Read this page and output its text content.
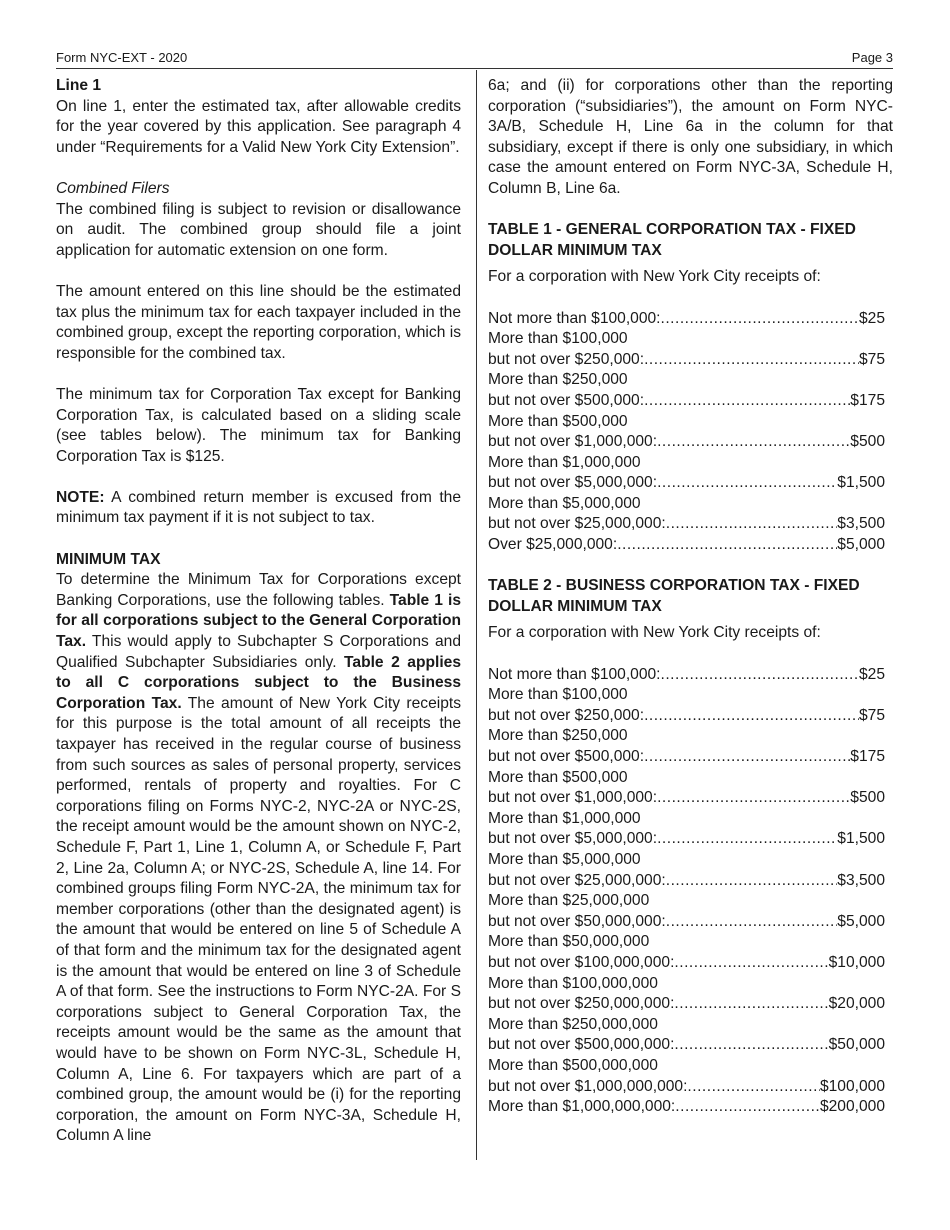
Form NYC-EXT - 2020	Page 3

Line 1

On line 1, enter the estimated tax, after allowable credits for the year covered by this application. See paragraph 4 under “Requirements for a Valid New York City Extension”.

Combined Filers

The combined filing is subject to revision or disallowance on audit. The combined group should file a joint application for automatic extension on one form.

The amount entered on this line should be the estimated tax plus the minimum tax for each taxpayer included in the combined group, except the reporting corporation, which is responsible for the combined tax.

The minimum tax for Corporation Tax except for Banking Corporation Tax, is calculated based on a sliding scale (see tables below). The minimum tax for Banking Corporation Tax is $125.

NOTE: A combined return member is excused from the minimum tax payment if it is not subject to tax.

MINIMUM TAX

To determine the Minimum Tax for Corporations except Banking Corporations, use the following tables. Table 1 is for all corporations subject to the General Corporation Tax. This would apply to Subchapter S Corporations and Qualified Subchapter Subsidiaries only. Table 2 applies to all C corporations subject to the Business Corporation Tax. The amount of New York City receipts for this purpose is the total amount of all receipts the taxpayer has received in the regular course of business from such sources as sales of personal property, services performed, rentals of property and royalties. For C corporations filing on Forms NYC-2, NYC-2A or NYC-2S, the receipt amount would be the amount shown on NYC-2, Schedule F, Part 1, Line 1, Column A, or Schedule F, Part 2, Line 2a, Column A; or NYC-2S, Schedule A, line 14. For combined groups filing Form NYC-2A, the minimum tax for member corporations (other than the designated agent) is the amount that would be entered on line 5 of Schedule A of that form and the minimum tax for the designated agent is the amount that would be entered on line 3 of Schedule A of that form. See the instructions to Form NYC-2A. For S corporations subject to General Corporation Tax, the receipts amount would be the same as the amount that would have to be shown on Form NYC-3L, Schedule H, Column A, Line 6. For taxpayers which are part of a combined group, the amount would be (i) for the reporting corporation, the amount on Form NYC-3A, Schedule H, Column A line

6a; and (ii) for corporations other than the reporting corporation (“subsidiaries”), the amount on Form NYC-3A/B, Schedule H, Line 6a in the column for that subsidiary, except if there is only one subsidiary, in which case the amount entered on Form NYC-3A, Schedule H, Column B, Line 6a.

TABLE 1 - GENERAL CORPORATION TAX - FIXED DOLLAR MINIMUM TAX

For a corporation with New York City receipts of:

Not more than $100,000: .....	$25
More than $100,000
but not over $250,000: .....	$75
More than $250,000
but not over $500,000: .....	$175
More than $500,000
but not over $1,000,000: .....	$500
More than $1,000,000
but not over $5,000,000: .....	$1,500
More than $5,000,000
but not over $25,000,000: .....	$3,500
Over $25,000,000: .....	$5,000

TABLE 2 - BUSINESS CORPORATION TAX - FIXED DOLLAR MINIMUM TAX

For a corporation with New York City receipts of:

Not more than $100,000: .....	$25
More than $100,000
but not over $250,000: .....	$75
More than $250,000
but not over $500,000: .....	$175
More than $500,000
but not over $1,000,000: .....	$500
More than $1,000,000
but not over $5,000,000: .....	$1,500
More than $5,000,000
but not over $25,000,000: .....	$3,500
More than $25,000,000
but not over $50,000,000: .....	$5,000
More than $50,000,000
but not over $100,000,000: .....	$10,000
More than $100,000,000
but not over $250,000,000: .....	$20,000
More than $250,000,000
but not over $500,000,000: .....	$50,000
More than $500,000,000
but not over $1,000,000,000: .....	$100,000
More than $1,000,000,000: .....	$200,000
